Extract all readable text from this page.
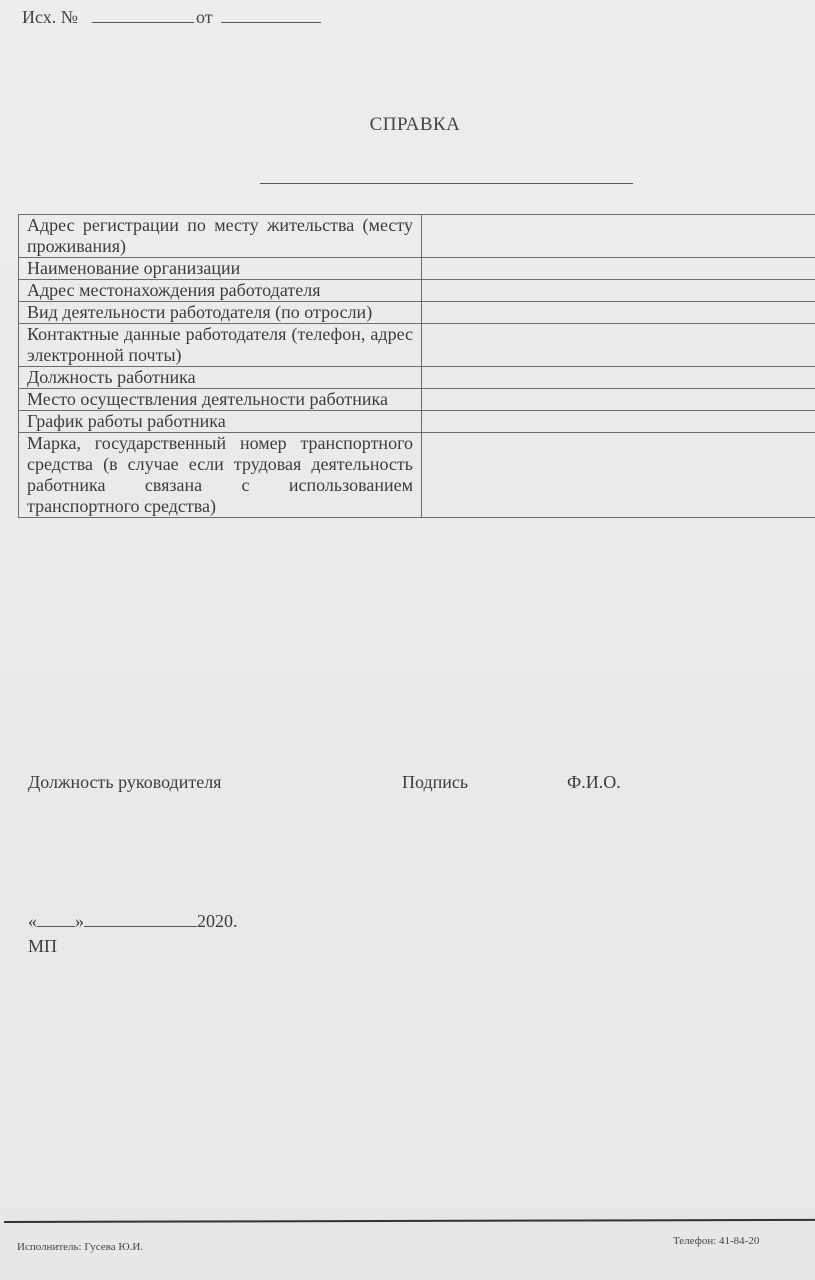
Исх. №	от
СПРАВКА
Адрес регистрации по месту жительства (месту проживания)	
Наименование организации	
Адрес местонахождения работодателя	
Вид деятельности работодателя (по отросли)	
Контактные данные работодателя (телефон, адрес электронной почты)	
Должность работника	
Место осуществления деятельности работника	
График работы работника	
Марка, государственный номер транспортного средства (в случае если трудовая деятельность работника связана с использованием транспортного средства)	
Должность руководителя	Подпись	Ф.И.О.
« »	2020.
МП
Исполнитель: Гусева Ю.И.	Телефон: 41-84-20
